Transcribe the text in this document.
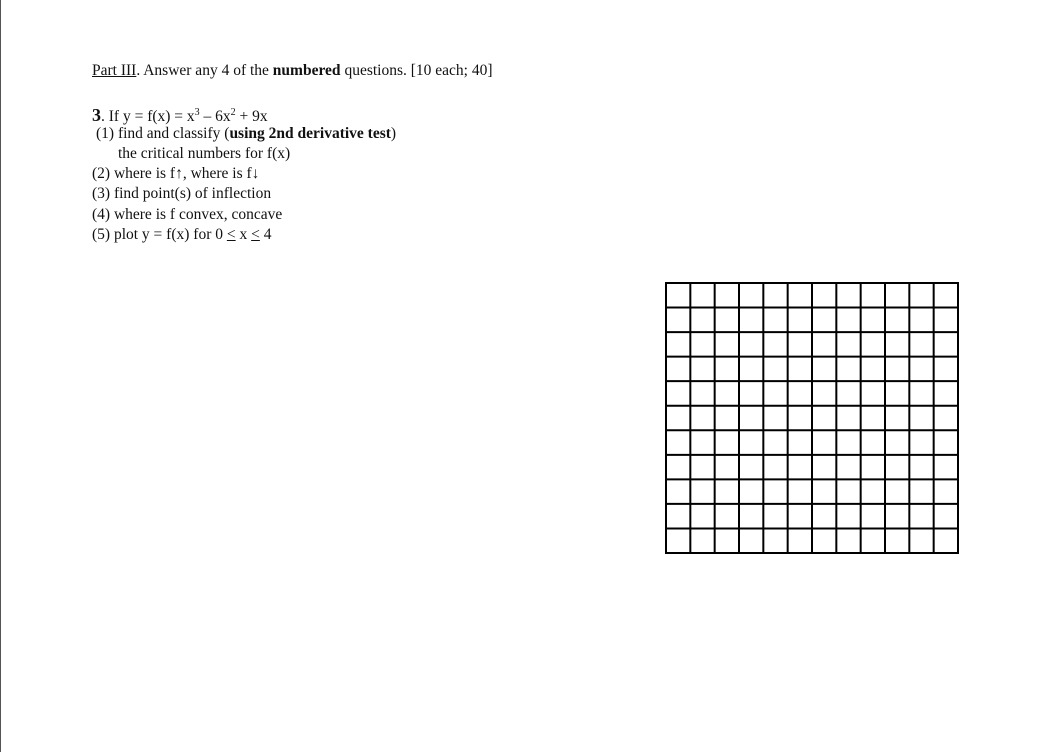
Part III. Answer any 4 of the numbered questions. [10 each; 40]
3. If $y = f(x) = x^3 - 6x^2 + 9x$
(1) find and classify (using 2nd derivative test)
the critical numbers for f(x)
(2) where is f↑, where is f↓
(3) find point(s) of inflection
(4) where is f convex, concave
(5) plot y = f(x) for 0 < x < 4
